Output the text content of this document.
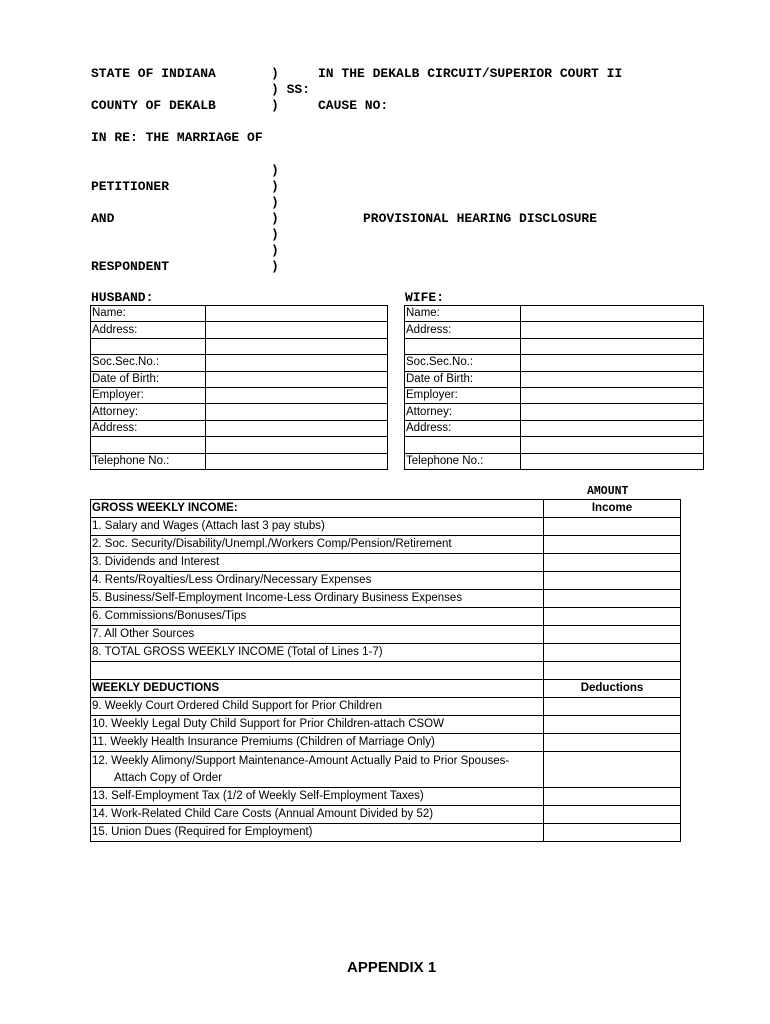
STATE OF INDIANA	)	IN THE DEKALB CIRCUIT/SUPERIOR COURT II
) SS:
COUNTY OF DEKALB	)	CAUSE NO:
IN RE: THE MARRIAGE OF
)
PETITIONER	)
)
AND	)	PROVISIONAL HEARING DISCLOSURE
)
)
RESPONDENT	)
HUSBAND:	WIFE:
Name:	
Address:	

Soc.Sec.No.:	
Date of Birth:	
Employer:	
Attorney:	
Address:	

Telephone No.:	
Name:	
Address:	

Soc.Sec.No.:	
Date of Birth:	
Employer:	
Attorney:	
Address:	

Telephone No.:	
AMOUNT
GROSS WEEKLY INCOME:	Income
1. Salary and Wages (Attach last 3 pay stubs)	
2. Soc. Security/Disability/Unempl./Workers Comp/Pension/Retirement	
3. Dividends and Interest	
4. Rents/Royalties/Less Ordinary/Necessary Expenses	
5. Business/Self-Employment Income-Less Ordinary Business Expenses	
6. Commissions/Bonuses/Tips	
7. All Other Sources	
8. TOTAL GROSS WEEKLY INCOME (Total of Lines 1-7)	

WEEKLY DEDUCTIONS	Deductions
9. Weekly Court Ordered Child Support for Prior Children	
10. Weekly Legal Duty Child Support for Prior Children-attach CSOW	
11. Weekly Health Insurance Premiums (Children of Marriage Only)	
12. Weekly Alimony/Support Maintenance-Amount Actually Paid to Prior Spouses-
Attach Copy of Order	
13. Self-Employment Tax (1/2 of Weekly Self-Employment Taxes)	
14. Work-Related Child Care Costs (Annual Amount Divided by 52)	
15. Union Dues (Required for Employment)	
APPENDIX 1
